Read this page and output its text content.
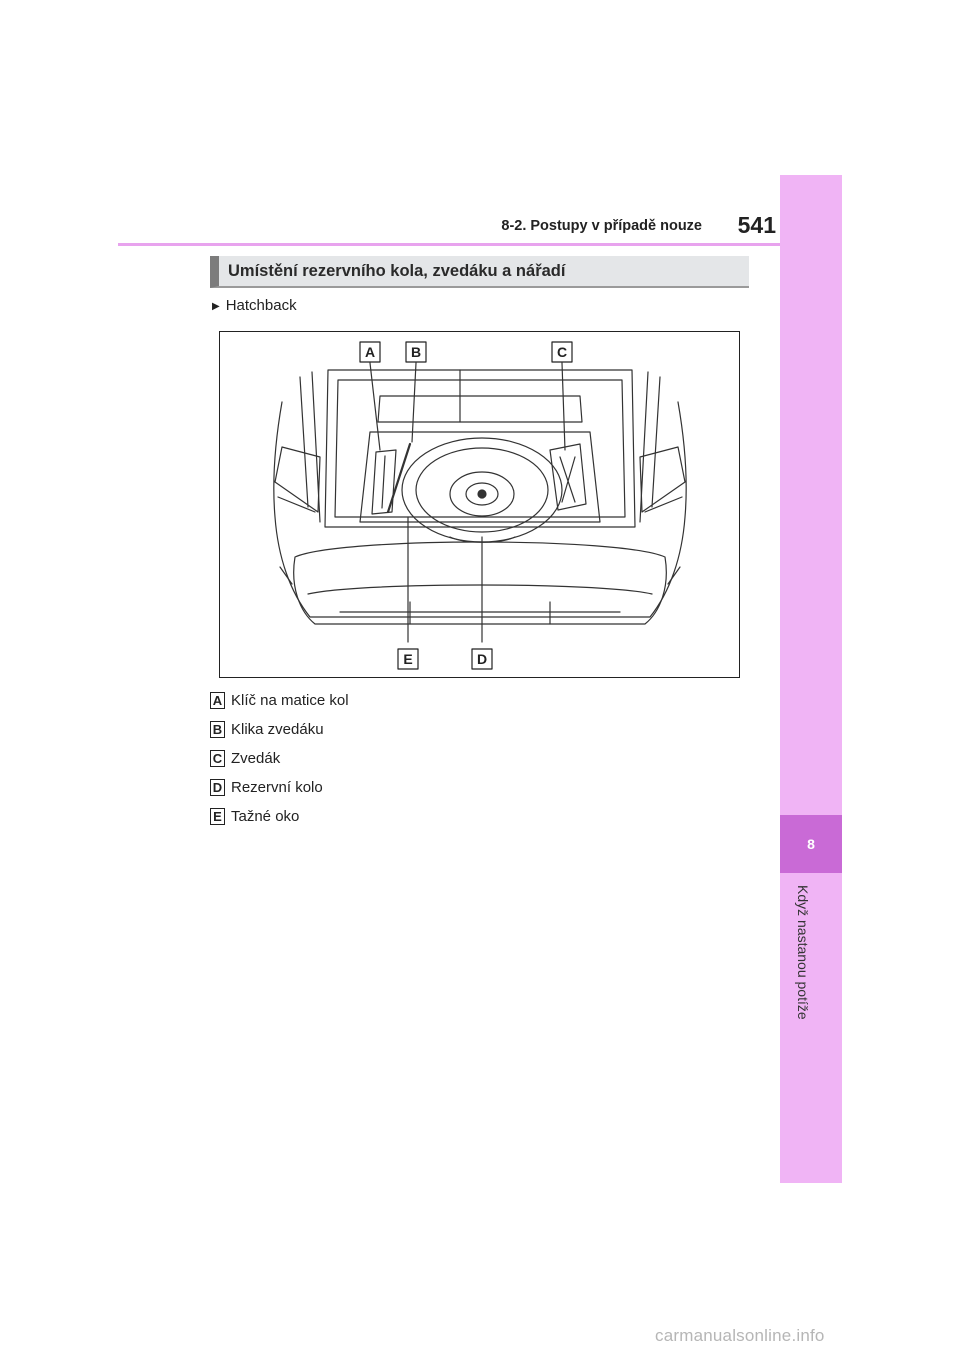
8-2. Postupy v případě nouze	541
8
Když nastanou potíže
Umístění rezervního kola, zvedáku a nářadí
▶ Hatchback
A	B	C
E	D
A Klíč na matice kol
B Klika zvedáku
C Zvedák
D Rezervní kolo
E Tažné oko
carmanualsonline.info
